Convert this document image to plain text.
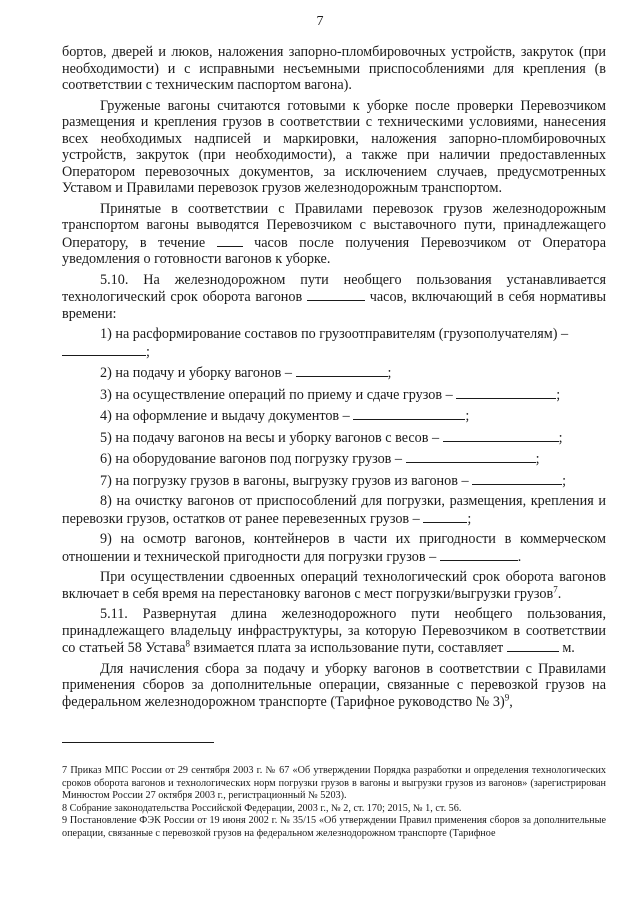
7

бортов, дверей и люков, наложения запорно-пломбировочных устройств, закруток (при необходимости) и с исправными несъемными приспособлениями для крепления (в соответствии с техническим паспортом вагона).

Груженые вагоны считаются готовыми к уборке после проверки Перевозчиком размещения и крепления грузов в соответствии с техническими условиями, нанесения всех необходимых надписей и маркировки, наложения запорно-пломбировочных устройств, закруток (при необходимости), а также при наличии предоставленных Оператором перевозочных документов, за исключением случаев, предусмотренных Уставом и Правилами перевозок грузов железнодорожным транспортом.

Принятые в соответствии с Правилами перевозок грузов железнодорожным транспортом вагоны выводятся Перевозчиком с выставочного пути, принадлежащего Оператору, в течение	часов после получения Перевозчиком от Оператора уведомления о готовности вагонов к уборке.

5.10. На железнодорожном пути необщего пользования устанавливается технологический срок оборота вагонов	часов, включающий в себя нормативы времени:

1) на расформирование составов по грузоотправителям (грузополучателям) –
;

2) на подачу и уборку вагонов –	;

3) на осуществление операций по приему и сдаче грузов –	;

4) на оформление и выдачу документов –	;

5) на подачу вагонов на весы и уборку вагонов с весов –	;

6) на оборудование вагонов под погрузку грузов –	;

7) на погрузку грузов в вагоны, выгрузку грузов из вагонов –	;

8) на очистку вагонов от приспособлений для погрузки, размещения, крепления и перевозки грузов, остатков от ранее перевезенных грузов –	;

9) на осмотр вагонов, контейнеров в части их пригодности в коммерческом отношении и технической пригодности для погрузки грузов –	.

При осуществлении сдвоенных операций технологический срок оборота вагонов включает в себя время на перестановку вагонов с мест погрузки/выгрузки грузов$^7$.

5.11. Развернутая длина железнодорожного пути необщего пользования, принадлежащего владельцу инфраструктуры, за которую Перевозчиком в соответствии со статьей 58 Устава$^8$ взимается плата за использование пути, составляет	м.

Для начисления сбора за подачу и уборку вагонов в соответствии с Правилами применения сборов за дополнительные операции, связанные с перевозкой грузов на федеральном железнодорожном транспорте (Тарифное руководство № 3)$^9$,

7 Приказ МПС России от 29 сентября 2003 г. № 67 «Об утверждении Порядка разработки и определения технологических сроков оборота вагонов и технологических норм погрузки грузов в вагоны и выгрузки грузов из вагонов» (зарегистрирован Минюстом России 27 октября 2003 г., регистрационный № 5203).

8 Собрание законодательства Российской Федерации, 2003 г., № 2, ст. 170; 2015, № 1, ст. 56.

9 Постановление ФЭК России от 19 июня 2002 г. № 35/15 «Об утверждении Правил применения сборов за дополнительные операции, связанные с перевозкой грузов на федеральном железнодорожном транспорте (Тарифное
